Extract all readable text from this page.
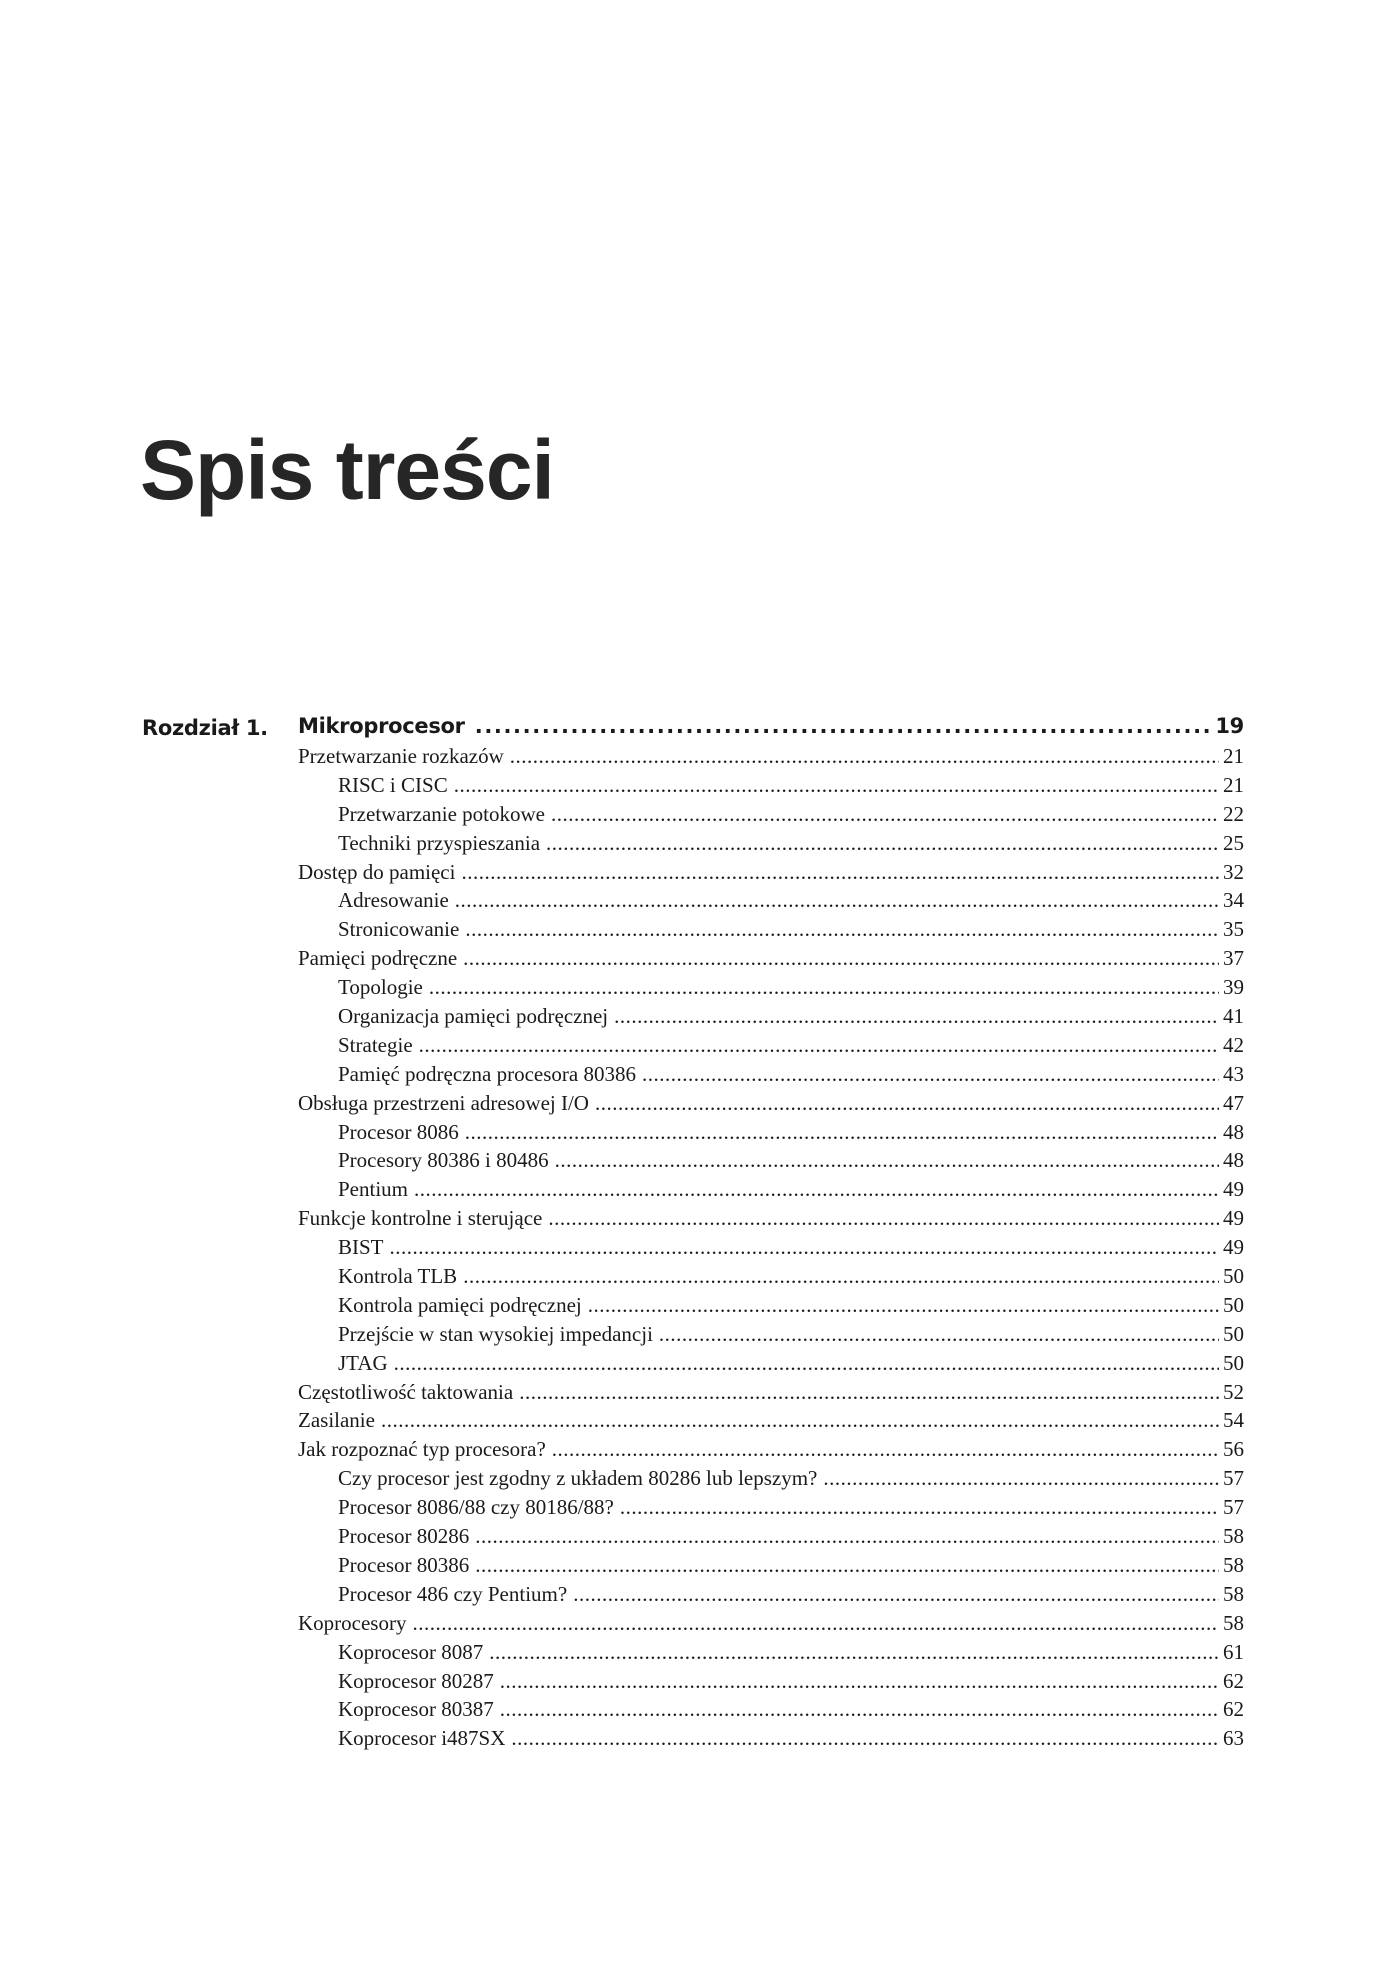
Spis treści
Rozdział 1. Mikroprocesor .....	19
Przetwarzanie rozkazów .....	21
RISC i CISC .....	21
Przetwarzanie potokowe .....	22
Techniki przyspieszania .....	25
Dostęp do pamięci .....	32
Adresowanie .....	34
Stronicowanie .....	35
Pamięci podręczne .....	37
Topologie .....	39
Organizacja pamięci podręcznej .....	41
Strategie .....	42
Pamięć podręczna procesora 80386 .....	43
Obsługa przestrzeni adresowej I/O .....	47
Procesor 8086 .....	48
Procesory 80386 i 80486 .....	48
Pentium .....	49
Funkcje kontrolne i sterujące .....	49
BIST .....	49
Kontrola TLB .....	50
Kontrola pamięci podręcznej .....	50
Przejście w stan wysokiej impedancji .....	50
JTAG .....	50
Częstotliwość taktowania .....	52
Zasilanie .....	54
Jak rozpoznać typ procesora? .....	56
Czy procesor jest zgodny z układem 80286 lub lepszym? .....	57
Procesor 8086/88 czy 80186/88? .....	57
Procesor 80286 .....	58
Procesor 80386 .....	58
Procesor 486 czy Pentium? .....	58
Koprocesory .....	58
Koprocesor 8087 .....	61
Koprocesor 80287 .....	62
Koprocesor 80387 .....	62
Koprocesor i487SX .....	63
